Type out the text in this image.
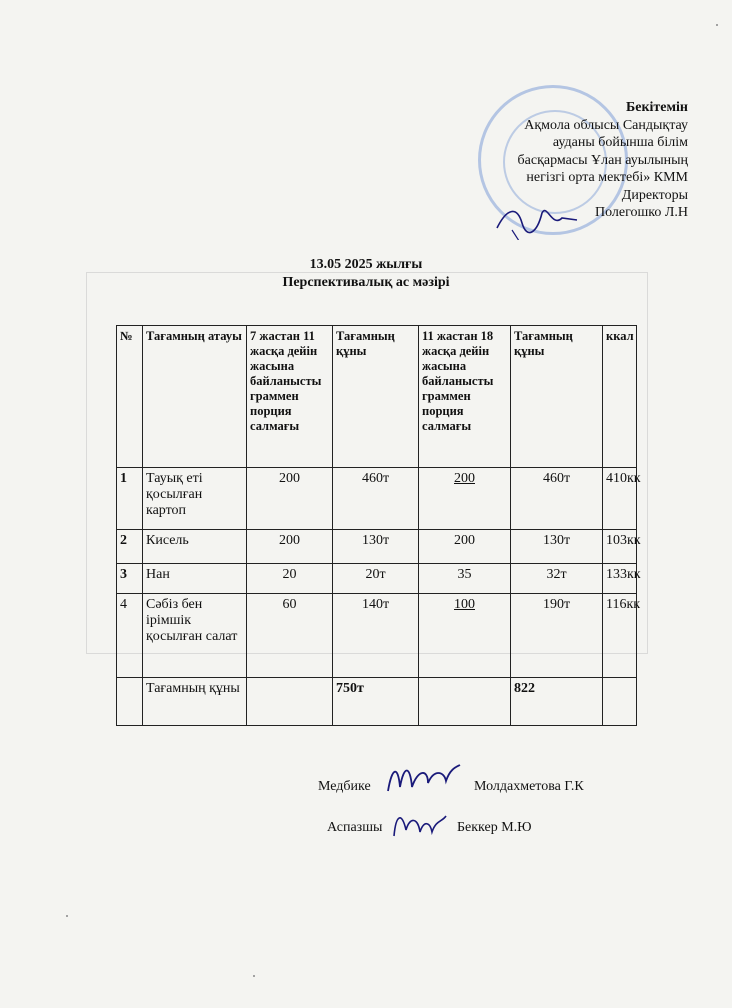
Бекітемін
Ақмола облысы Сандықтау
ауданы бойынша білім
басқармасы Ұлан ауылының
негізгі орта мектебі» КММ
Директоры
Полегошко Л.Н
13.05 2025 жылғы
Перспективалық ас мәзірі
№	Тағамның атауы	7 жастан 11 жасқа дейін жасына байланысты граммен порция салмағы	Тағамның құны	11 жастан 18 жасқа дейін жасына байланысты граммен порция салмағы	Тағамның құны	ккал
1	Тауық еті қосылған картоп	200	460т	200	460т	410кк
2	Кисель	200	130т	200	130т	103кк
3	Нан	20	20т	35	32т	133кк
4	Сәбіз бен ірімшік қосылған салат	60	140т	100	190т	116кк
	Тағамның құны		750т		822	
Медбике	Молдахметова Г.К
Аспазшы	Беккер М.Ю
